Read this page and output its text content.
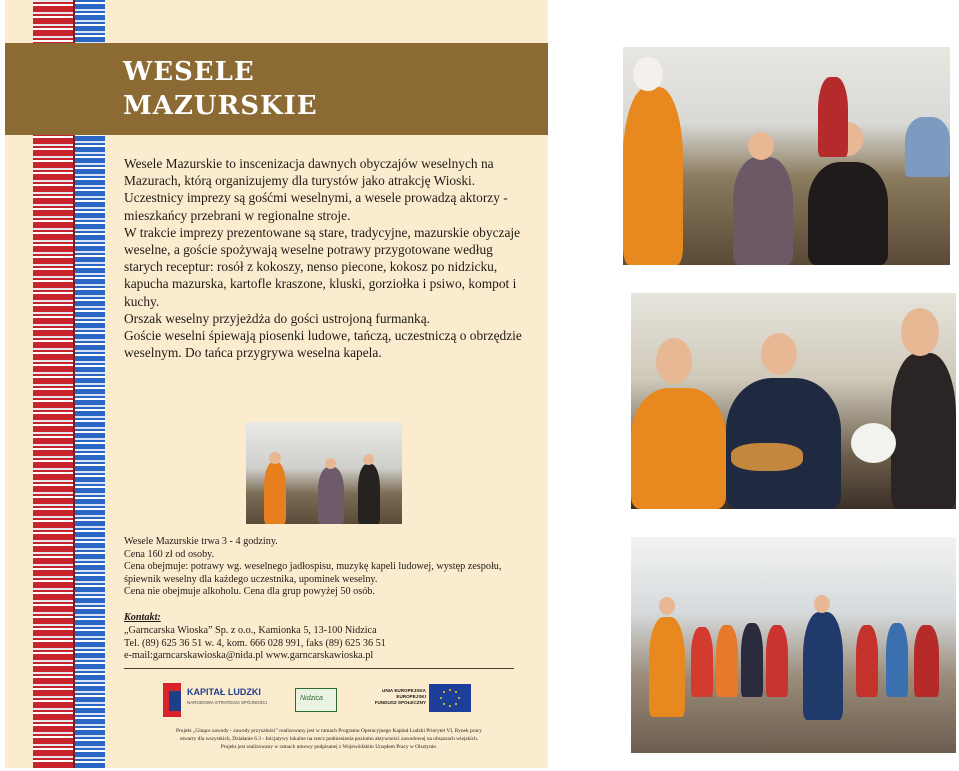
WESELE
MAZURSKIE

Wesele Mazurskie to inscenizacja dawnych obyczajów weselnych na Mazurach, którą organizujemy dla turystów jako atrakcję Wioski. Uczestnicy imprezy są gośćmi weselnymi, a wesele prowadzą aktorzy - mieszkańcy przebrani w regionalne stroje.

W trakcie imprezy prezentowane są stare, tradycyjne, mazurskie obyczaje weselne, a goście spożywają weselne potrawy przygotowane według starych receptur: rosół z kokoszy, nenso piecone, kokosz po nidzicku, kapucha mazurska, kartofle kraszone, kluski, gorziołka i psiwo, kompot i kuchy.

Orszak weselny przyjeżdża do gości ustrojoną furmanką.

Goście weselni śpiewają piosenki ludowe, tańczą, uczestniczą o obrzędzie weselnym. Do tańca przygrywa weselna kapela.

Wesele Mazurskie trwa 3 - 4 godziny.

Cena 160 zł od osoby.

Cena obejmuje: potrawy wg. weselnego jadłospisu, muzykę kapeli ludowej, występ zespołu, śpiewnik weselny dla każdego uczestnika, upominek weselny.

Cena nie obejmuje alkoholu. Cena dla grup powyżej 50 osób.

Kontakt:

„Garncarska Wioska” Sp. z o.o., Kamionka 5, 13-100 Nidzica

Tel. (89) 625 36 51 w. 4, kom. 666 028 991, faks (89) 625 36 51

e-mail:garncarskawioska@nida.pl www.garncarskawioska.pl

KAPITAŁ LUDZKI
NARODOWA STRATEGIA SPÓJNOŚCI
Nidzica
UNIA EUROPEJSKA
EUROPEJSKI
FUNDUSZ SPOŁECZNY

Projekt „Ginące zawody - zawody przyszłości” realizowany jest w ramach Programu Operacyjnego Kapitał Ludzki Priorytet VI, Rynek pracy

otwarty dla wszystkich, Działanie 6.3 - Inicjatywy lokalne na rzecz podniesienia poziomu aktywności zawodowej na obszarach wiejskich.

Projekt jest realizowany w ramach umowy podpisanej z Wojewódzkim Urzędem Pracy w Olsztynie.
